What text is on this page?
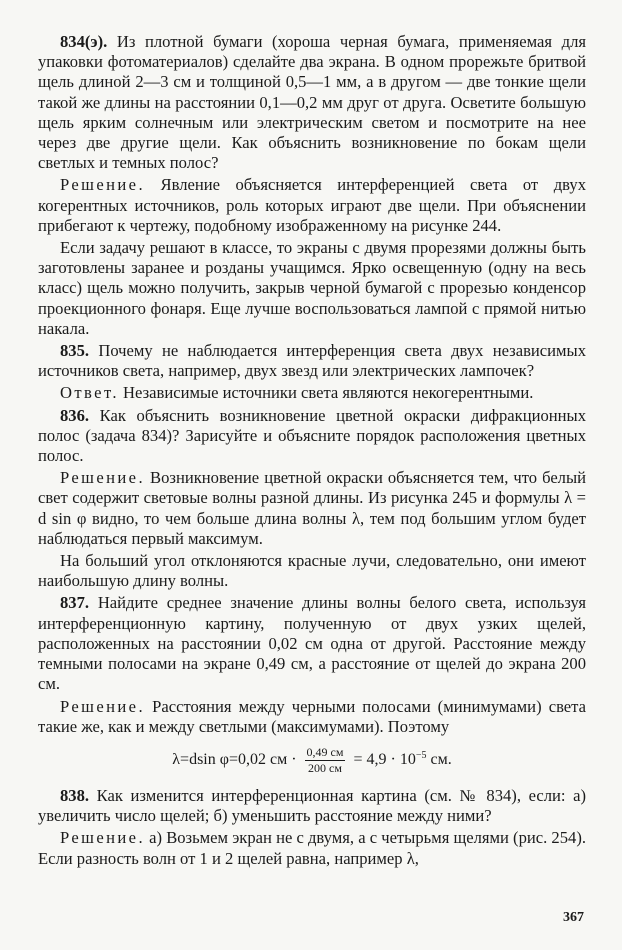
834(э). Из плотной бумаги (хороша черная бумага, применяемая для упаковки фотоматериалов) сделайте два экрана. В одном прорежьте бритвой щель длиной 2—3 см и толщиной 0,5—1 мм, а в другом — две тонкие щели такой же длины на расстоянии 0,1—0,2 мм друг от друга. Осветите большую щель ярким солнечным или электрическим светом и посмотрите на нее через две другие щели. Как объяснить возникновение по бокам щели светлых и темных полос?

Решение. Явление объясняется интерференцией света от двух когерентных источников, роль которых играют две щели. При объяснении прибегают к чертежу, подобному изображенному на рисунке 244.

Если задачу решают в классе, то экраны с двумя прорезями должны быть заготовлены заранее и розданы учащимся. Ярко освещенную (одну на весь класс) щель можно получить, закрыв черной бумагой с прорезью конденсор проекционного фонаря. Еще лучше воспользоваться лампой с прямой нитью накала.

835. Почему не наблюдается интерференция света двух независимых источников света, например, двух звезд или электрических лампочек?

Ответ. Независимые источники света являются некогерентными.

836. Как объяснить возникновение цветной окраски дифракционных полос (задача 834)? Зарисуйте и объясните порядок расположения цветных полос.

Решение. Возникновение цветной окраски объясняется тем, что белый свет содержит световые волны разной длины. Из рисунка 245 и формулы λ = d sin φ видно, то чем больше длина волны λ, тем под большим углом будет наблюдаться первый максимум.

На больший угол отклоняются красные лучи, следовательно, они имеют наибольшую длину волны.

837. Найдите среднее значение длины волны белого света, используя интерференционную картину, полученную от двух узких щелей, расположенных на расстоянии 0,02 см одна от другой. Расстояние между темными полосами на экране 0,49 см, а расстояние от щелей до экрана 200 см.

Решение. Расстояния между черными полосами (минимумами) света такие же, как и между светлыми (максимумами). Поэтому

λ=dsin φ=0,02 см · $\frac{0,49 см}{200 см} = 4,9 \cdot 10^{-5}$ см.

838. Как изменится интерференционная картина (см. № 834), если: а) увеличить число щелей; б) уменьшить расстояние между ними?

Решение. а) Возьмем экран не с двумя, а с четырьмя щелями (рис. 254). Если разность волн от 1 и 2 щелей равна, например λ,

367
